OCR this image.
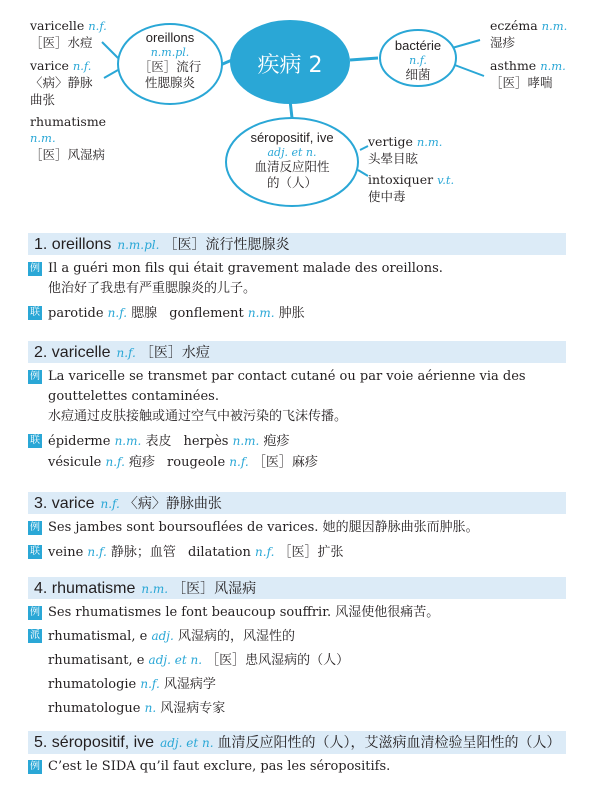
疾病 2
oreillons
n.m.pl.
［医］流行
性腮腺炎
bactérie
n.f.
细菌
séropositif, ive
adj. et n.
血清反应阳性
的（人）
varicelle n.f.
［医］水痘
varice n.f.
〈病〉静脉
曲张
rhumatisme
n.m.
［医］风湿病
eczéma n.m.
湿疹
asthme n.m.
［医］哮喘
vertige n.m.
头晕目眩
intoxiquer v.t.
使中毒
1. oreillons n.m.pl. ［医］流行性腮腺炎
例 Il a guéri mon fils qui était gravement malade des oreillons.
他治好了我患有严重腮腺炎的儿子。
联 parotide n.f. 腮腺 gonflement n.m. 肿胀
2. varicelle n.f. ［医］水痘
例 La varicelle se transmet par contact cutané ou par voie aérienne via des
gouttelettes contaminées.
水痘通过皮肤接触或通过空气中被污染的飞沫传播。
联 épiderme n.m. 表皮 herpès n.m. 疱疹
vésicule n.f. 疱疹 rougeole n.f. ［医］麻疹
3. varice n.f. 〈病〉静脉曲张
例 Ses jambes sont boursouflées de varices. 她的腿因静脉曲张而肿胀。
联 veine n.f. 静脉；血管 dilatation n.f. ［医］扩张
4. rhumatisme n.m. ［医］风湿病
例 Ses rhumatismes le font beaucoup souffrir. 风湿使他很痛苦。
派 rhumatismal, e adj. 风湿病的，风湿性的
rhumatisant, e adj. et n. ［医］患风湿病的（人）
rhumatologie n.f. 风湿病学
rhumatologue n. 风湿病专家
5. séropositif, ive adj. et n. 血清反应阳性的（人），艾滋病血清检验呈阳性的（人）
例 C’est le SIDA qu’il faut exclure, pas les séropositifs.
